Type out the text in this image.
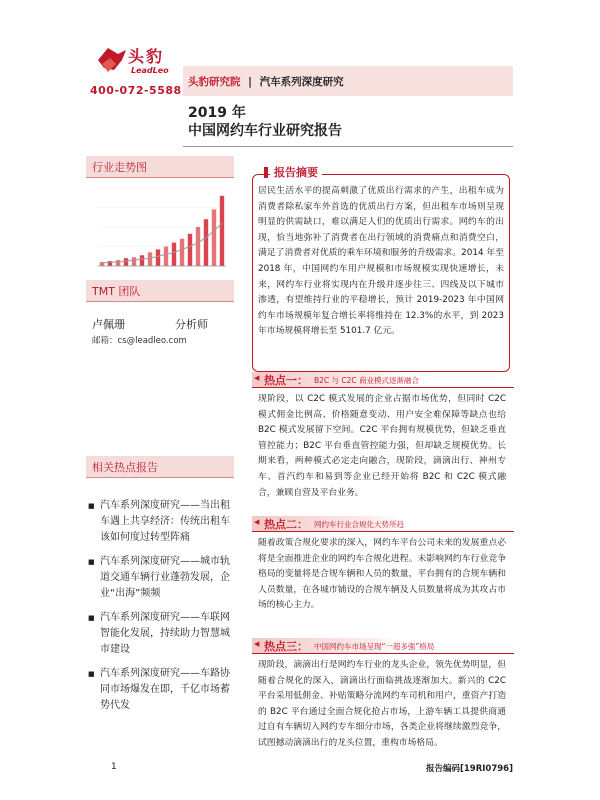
头豹
LeadLeo
400-072-5588
头豹研究院 | 汽车系列深度研究
2019 年
中国网约车行业研究报告
行业走势图
TMT 团队
卢佩珊	分析师
邮箱：cs@leadleo.com
相关热点报告
■ 汽车系列深度研究——当出租车遇上共享经济：传统出租车该如何度过转型阵痛
■ 汽车系列深度研究——城市轨道交通车辆行业蓬勃发展，企业“出海”频频
■ 汽车系列深度研究——车联网智能化发展，持续助力智慧城市建设
■ 汽车系列深度研究——车路协同市场爆发在即，千亿市场蓄势代发
报告摘要
居民生活水平的提高刺激了优质出行需求的产生，出租车成为消费者除私家车外首选的优质出行方案，但出租车市场则呈现明显的供需缺口，难以满足人们的优质出行需求。网约车的出现，恰当地弥补了消费者在出行领域的消费痛点和消费空白，满足了消费者对优质的乘车环境和服务的升级需求。2014 年至 2018 年，中国网约车用户规模和市场规模实现快速增长，未来，网约车行业将实现内在升级并逐步往三、四线及以下城市渗透，有望维持行业的平稳增长，预计 2019-2023 年中国网约车市场规模年复合增长率将维持在 12.3%的水平，到 2023 年市场规模将增长至 5101.7 亿元。
◀ 热点一： B2C 与 C2C 商业模式逐渐融合
现阶段，以 C2C 模式发展的企业占据市场优势，但同时 C2C 模式佣金比例高、价格随意变动、用户安全难保障等缺点也给 B2C 模式发展留下空间。C2C 平台拥有规模优势，但缺乏垂直管控能力；B2C 平台垂直管控能力强，但却缺乏规模优势。长期来看，两种模式必定走向融合，现阶段，滴滴出行、神州专车、首汽约车和易到等企业已经开始将 B2C 和 C2C 模式融合，兼顾自营及平台业务。
◀ 热点二： 网约车行业合规化大势所趋
随着政策合规化要求的深入，网约车平台公司未来的发展重点必将是全面推进企业的网约车合规化进程。未影响网约车行业竞争格局的变量将是合规车辆和人员的数量，平台拥有的合规车辆和人员数量，在各城市铺设的合规车辆及人员数量将成为其攻占市场的核心主力。
◀ 热点三： 中国网约车市场呈现“一超多强”格局
现阶段，滴滴出行是网约车行业的龙头企业，领先优势明显，但随着合规化的深入，滴滴出行面临挑战逐渐加大。新兴的 C2C 平台采用低佣金、补贴策略分流网约车司机和用户，重资产打造的 B2C 平台通过全面合规化抢占市场，上游车辆工具提供商通过自有车辆切入网约专车细分市场，各类企业将继续激烈竞争，试图撼动滴滴出行的龙头位置，重构市场格局。
1	报告编码[19RI0796]
